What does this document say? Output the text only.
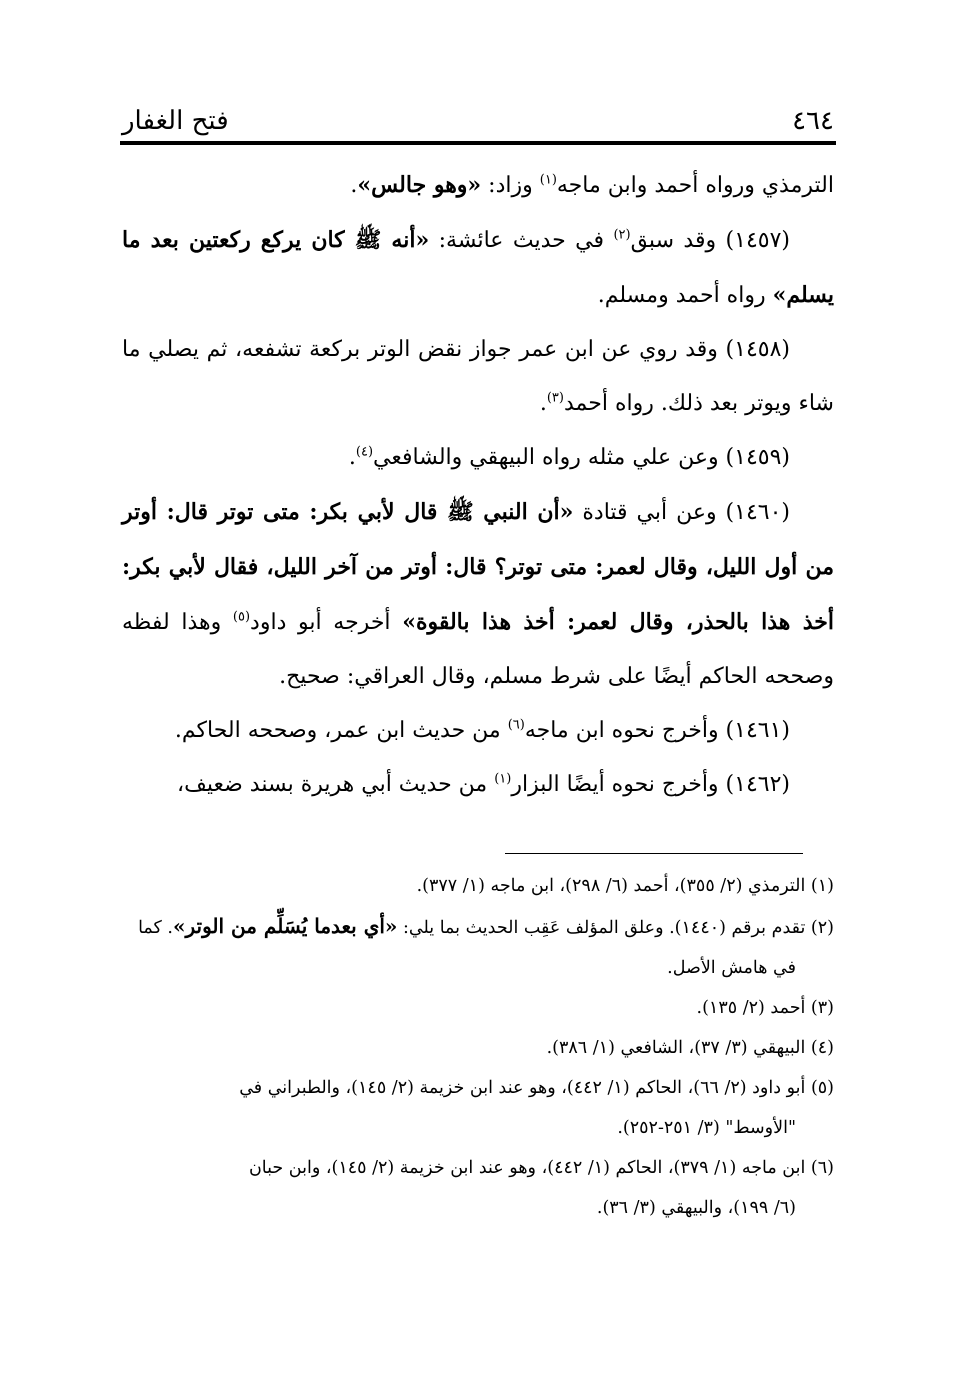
٤٦٤
فتح الغفار

الترمذي ورواه أحمد وابن ماجه$^{(١)}$ وزاد: «وهو جالس».

(١٤٥٧) وقد سبق$^{(٢)}$ في حديث عائشة: «أنه ﷺ كان يركع ركعتين بعد ما يسلم» رواه أحمد ومسلم.

(١٤٥٨) وقد روي عن ابن عمر جواز نقض الوتر بركعة تشفعه، ثم يصلي ما شاء ويوتر بعد ذلك. رواه أحمد$^{(٣)}$.

(١٤٥٩) وعن علي مثله رواه البيهقي والشافعي$^{(٤)}$.

(١٤٦٠) وعن أبي قتادة «أن النبي ﷺ قال لأبي بكر: متى توتر قال: أوتر من أول الليل، وقال لعمر: متى توتر؟ قال: أوتر من آخر الليل، فقال لأبي بكر: أخذ هذا بالحذر، وقال لعمر: أخذ هذا بالقوة» أخرجه أبو داود$^{(٥)}$ وهذا لفظه وصححه الحاكم أيضًا على شرط مسلم، وقال العراقي: صحيح.

(١٤٦١) وأخرج نحوه ابن ماجه$^{(٦)}$ من حديث ابن عمر، وصححه الحاكم.

(١٤٦٢) وأخرج نحوه أيضًا البزار$^{(١)}$ من حديث أبي هريرة بسند ضعيف،

(١) الترمذي (٢/ ٣٥٥)، أحمد (٦/ ٢٩٨)، ابن ماجه (١/ ٣٧٧).

(٢) تقدم برقم (١٤٤٠). وعلق المؤلف عَقِب الحديث بما يلي: «أي بعدما يُسَلِّم من الوتر». كما

في هامش الأصل.

(٣) أحمد (٢/ ١٣٥).

(٤) البيهقي (٣/ ٣٧)، الشافعي (١/ ٣٨٦).

(٥) أبو داود (٢/ ٦٦)، الحاكم (١/ ٤٤٢)، وهو عند ابن خزيمة (٢/ ١٤٥)، والطبراني في

"الأوسط" (٣/ ٢٥١-٢٥٢).

(٦) ابن ماجه (١/ ٣٧٩)، الحاكم (١/ ٤٤٢)، وهو عند ابن خزيمة (٢/ ١٤٥)، وابن حبان

(٦/ ١٩٩)، والبيهقي (٣/ ٣٦).
